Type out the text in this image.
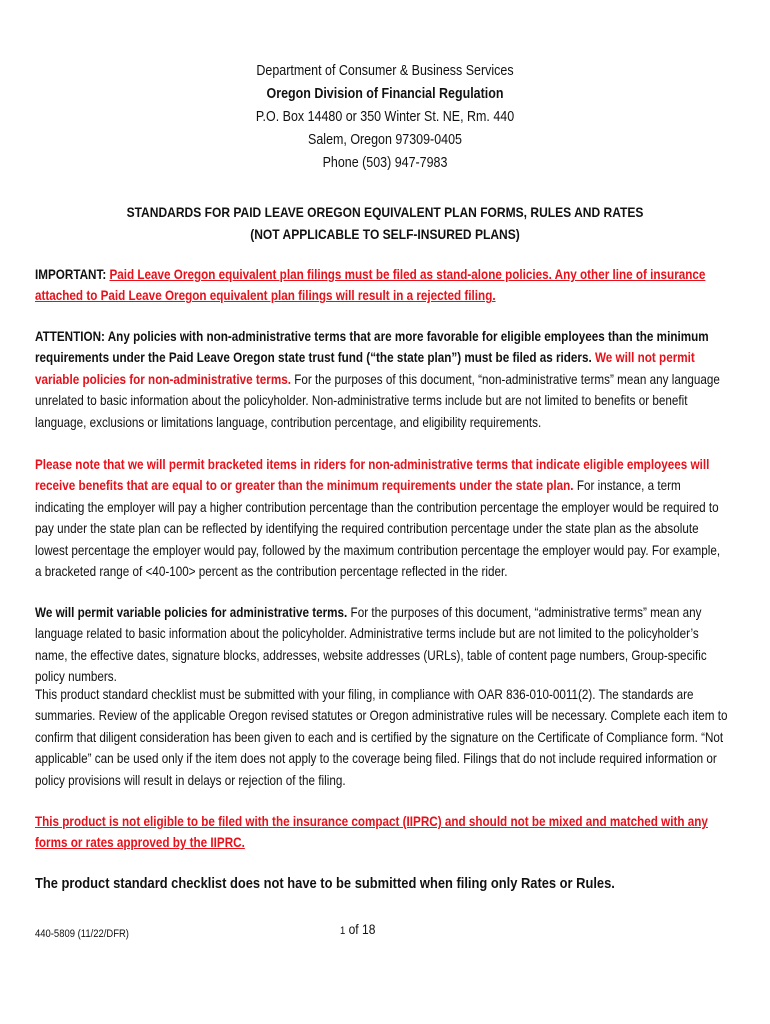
Department of Consumer & Business Services
Oregon Division of Financial Regulation
P.O. Box 14480 or 350 Winter St. NE, Rm. 440
Salem, Oregon 97309-0405
Phone (503) 947-7983
STANDARDS FOR PAID LEAVE OREGON EQUIVALENT PLAN FORMS, RULES AND RATES
(NOT APPLICABLE TO SELF-INSURED PLANS)
IMPORTANT: Paid Leave Oregon equivalent plan filings must be filed as stand-alone policies. Any other line of insurance attached to Paid Leave Oregon equivalent plan filings will result in a rejected filing.
ATTENTION: Any policies with non-administrative terms that are more favorable for eligible employees than the minimum requirements under the Paid Leave Oregon state trust fund (“the state plan”) must be filed as riders. We will not permit variable policies for non-administrative terms. For the purposes of this document, “non-administrative terms” mean any language unrelated to basic information about the policyholder. Non-administrative terms include but are not limited to benefits or benefit language, exclusions or limitations language, contribution percentage, and eligibility requirements.
Please note that we will permit bracketed items in riders for non-administrative terms that indicate eligible employees will receive benefits that are equal to or greater than the minimum requirements under the state plan. For instance, a term indicating the employer will pay a higher contribution percentage than the contribution percentage the employer would be required to pay under the state plan can be reflected by identifying the required contribution percentage under the state plan as the absolute lowest percentage the employer would pay, followed by the maximum contribution percentage the employer would pay. For example, a bracketed range of <40-100> percent as the contribution percentage reflected in the rider.
We will permit variable policies for administrative terms. For the purposes of this document, “administrative terms” mean any language related to basic information about the policyholder. Administrative terms include but are not limited to the policyholder’s name, the effective dates, signature blocks, addresses, website addresses (URLs), table of content page numbers, Group-specific policy numbers.
This product standard checklist must be submitted with your filing, in compliance with OAR 836-010-0011(2). The standards are summaries. Review of the applicable Oregon revised statutes or Oregon administrative rules will be necessary. Complete each item to confirm that diligent consideration has been given to each and is certified by the signature on the Certificate of Compliance form. “Not applicable” can be used only if the item does not apply to the coverage being filed. Filings that do not include required information or policy provisions will result in delays or rejection of the filing.
This product is not eligible to be filed with the insurance compact (IIPRC) and should not be mixed and matched with any forms or rates approved by the IIPRC.
The product standard checklist does not have to be submitted when filing only Rates or Rules.
440-5809 (11/22/DFR)	1 of 18
